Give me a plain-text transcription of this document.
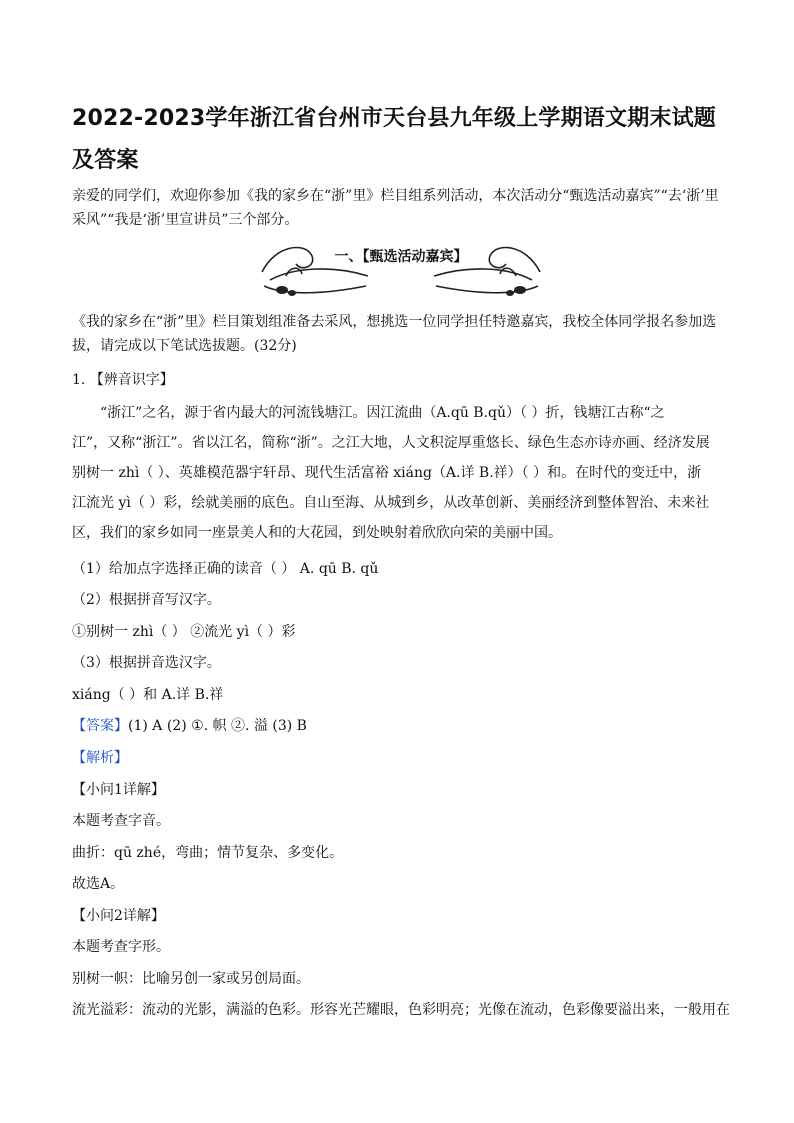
2022-2023学年浙江省台州市天台县九年级上学期语文期末试题及答案
亲爱的同学们，欢迎你参加《我的家乡在“浙”里》栏目组系列活动，本次活动分“甄选活动嘉宾”“去‘浙’里采风”“我是‘浙’里宣讲员”三个部分。
一、【甄选活动嘉宾】
《我的家乡在“浙”里》栏目策划组准备去采风，想挑选一位同学担任特邀嘉宾，我校全体同学报名参加选拔，请完成以下笔试选拔题。(32分)
1. 【辨音识字】
“浙江”之名，源于省内最大的河流钱塘江。因江流曲（A.qū B.qǔ）（ ）折，钱塘江古称“之
江”，又称“浙江”。省以江名，简称“浙”。之江大地，人文积淀厚重悠长、绿色生态亦诗亦画、经济发展
别树一 zhì（ ）、英雄模范器宇轩昂、现代生活富裕 xiáng（A.详 B.祥）（ ）和。在时代的变迁中，浙
江流光 yì（ ）彩，绘就美丽的底色。自山至海、从城到乡，从改革创新、美丽经济到整体智治、未来社
区，我们的家乡如同一座景美人和的大花园，到处映射着欣欣向荣的美丽中国。
（1）给加点字选择正确的读音（ ） A. qū B. qǔ
（2）根据拼音写汉字。
①别树一 zhì（ ） ②流光 yì（ ）彩
（3）根据拼音选汉字。
xiáng（ ）和 A.详 B.祥
【答案】(1) A (2) ①. 帜 ②. 溢 (3) B
【解析】
【小问1详解】
本题考查字音。
曲折：qū zhé，弯曲；情节复杂、多变化。
故选A。
【小问2详解】
本题考查字形。
别树一帜：比喻另创一家或另创局面。
流光溢彩：流动的光影，满溢的色彩。形容光芒耀眼，色彩明亮；光像在流动，色彩像要溢出来，一般用在
